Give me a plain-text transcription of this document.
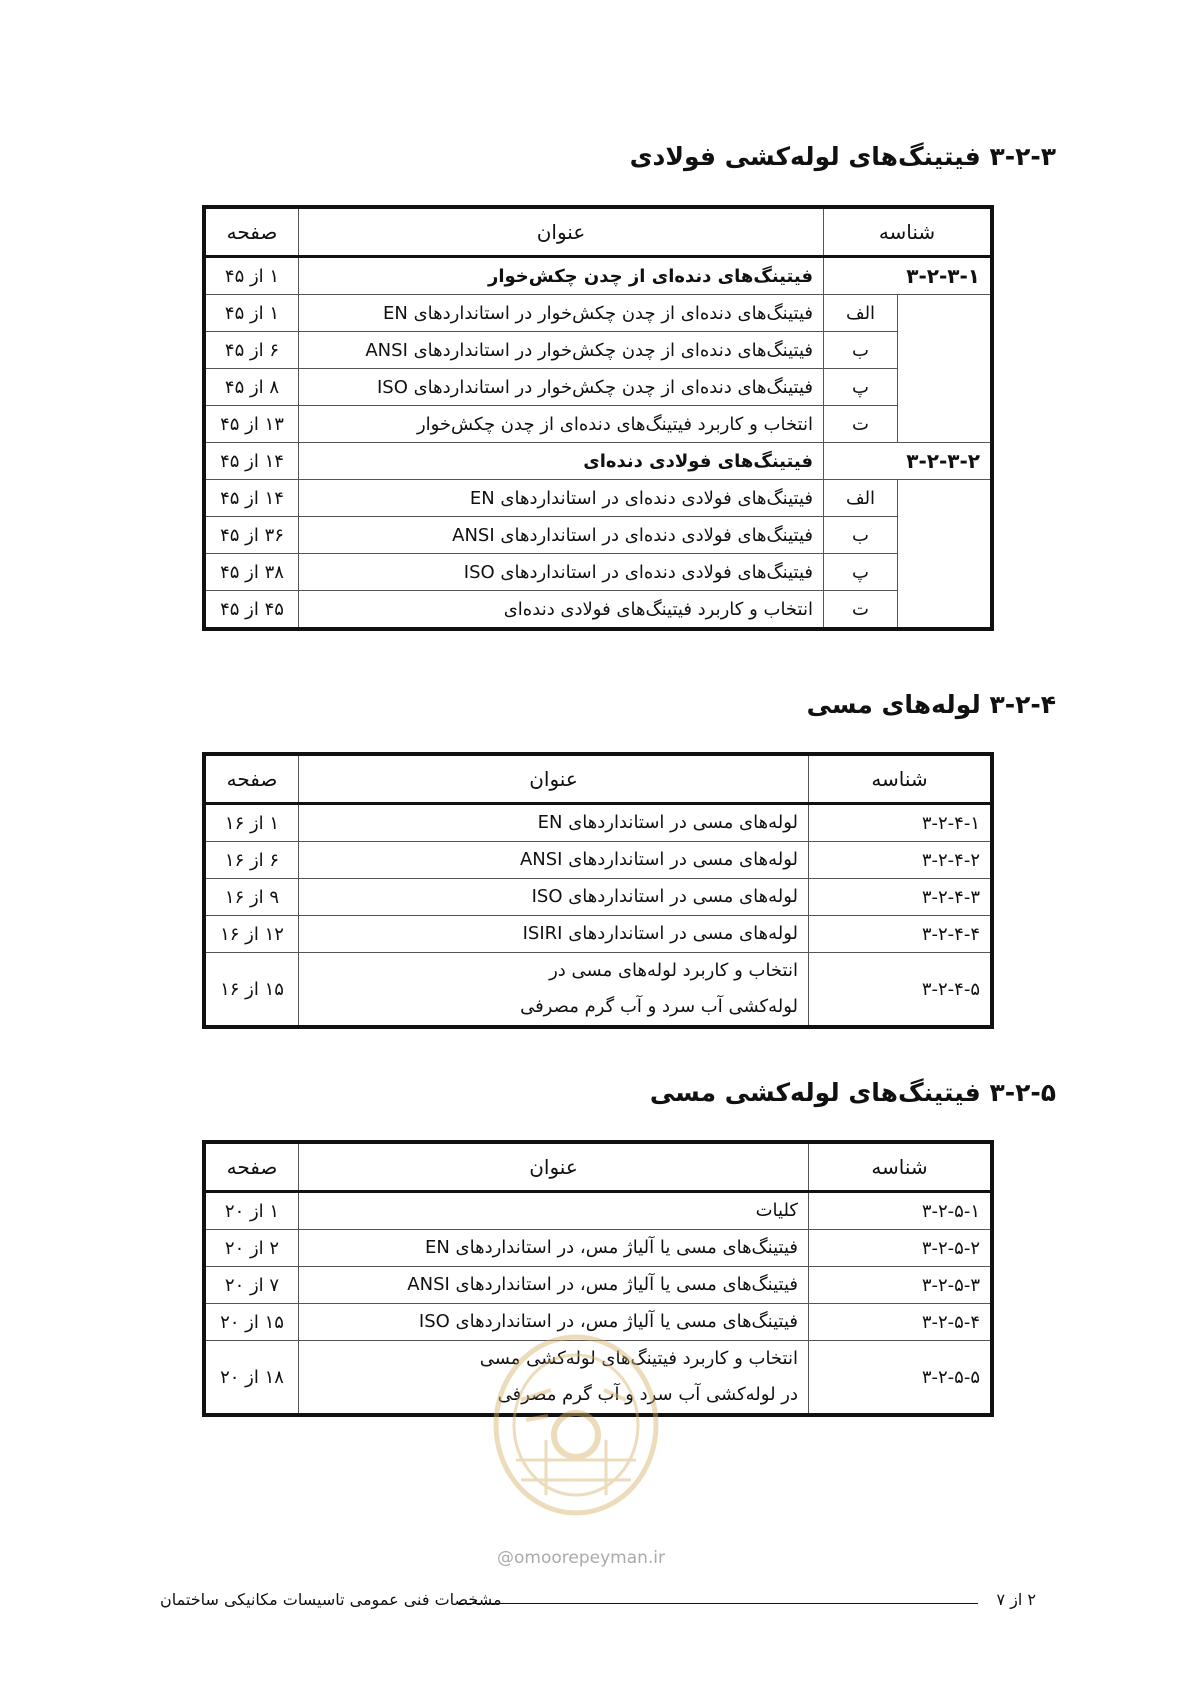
۳-۲-۳ فیتینگ‌های لوله‌کشی فولادی
شناسه		عنوان	صفحه
۳-۲-۳-۱		فیتینگ‌های دنده‌ای از چدن چکش‌خوار	۱ از ۴۵
	الف	فیتینگ‌های دنده‌ای از چدن چکش‌خوار در استانداردهای EN	۱ از ۴۵
	ب	فیتینگ‌های دنده‌ای از چدن چکش‌خوار در استانداردهای ANSI	۶ از ۴۵
	پ	فیتینگ‌های دنده‌ای از چدن چکش‌خوار در استانداردهای ISO	۸ از ۴۵
	ت	انتخاب و کاربرد فیتینگ‌های دنده‌ای از چدن چکش‌خوار	۱۳ از ۴۵
۳-۲-۳-۲		فیتینگ‌های فولادی دنده‌ای	۱۴ از ۴۵
	الف	فیتینگ‌های فولادی دنده‌ای در استانداردهای EN	۱۴ از ۴۵
	ب	فیتینگ‌های فولادی دنده‌ای در استانداردهای ANSI	۳۶ از ۴۵
	پ	فیتینگ‌های فولادی دنده‌ای در استانداردهای ISO	۳۸ از ۴۵
	ت	انتخاب و کاربرد فیتینگ‌های فولادی دنده‌ای	۴۵ از ۴۵
۳-۲-۴ لوله‌های مسی
شناسه	عنوان	صفحه
۳-۲-۴-۱	لوله‌های مسی در استانداردهای EN	۱ از ۱۶
۳-۲-۴-۲	لوله‌های مسی در استانداردهای ANSI	۶ از ۱۶
۳-۲-۴-۳	لوله‌های مسی در استانداردهای ISO	۹ از ۱۶
۳-۲-۴-۴	لوله‌های مسی در استانداردهای ISIRI	۱۲ از ۱۶
۳-۲-۴-۵	انتخاب و کاربرد لوله‌های مسی در
لوله‌کشی آب سرد و آب گرم مصرفی	۱۵ از ۱۶
۳-۲-۵ فیتینگ‌های لوله‌کشی مسی
شناسه	عنوان	صفحه
۳-۲-۵-۱	کلیات	۱ از ۲۰
۳-۲-۵-۲	فیتینگ‌های مسی یا آلیاژ مس، در استانداردهای EN	۲ از ۲۰
۳-۲-۵-۳	فیتینگ‌های مسی یا آلیاژ مس، در استانداردهای ANSI	۷ از ۲۰
۳-۲-۵-۴	فیتینگ‌های مسی یا آلیاژ مس، در استانداردهای ISO	۱۵ از ۲۰
۳-۲-۵-۵	انتخاب و کاربرد فیتینگ‌های لوله‌کشی مسی
در لوله‌کشی آب سرد و آب گرم مصرفی	۱۸ از ۲۰
@omoorepeyman.ir
۲ از ۷
مشخصات فنی عمومی تاسیسات مکانیکی ساختمان
